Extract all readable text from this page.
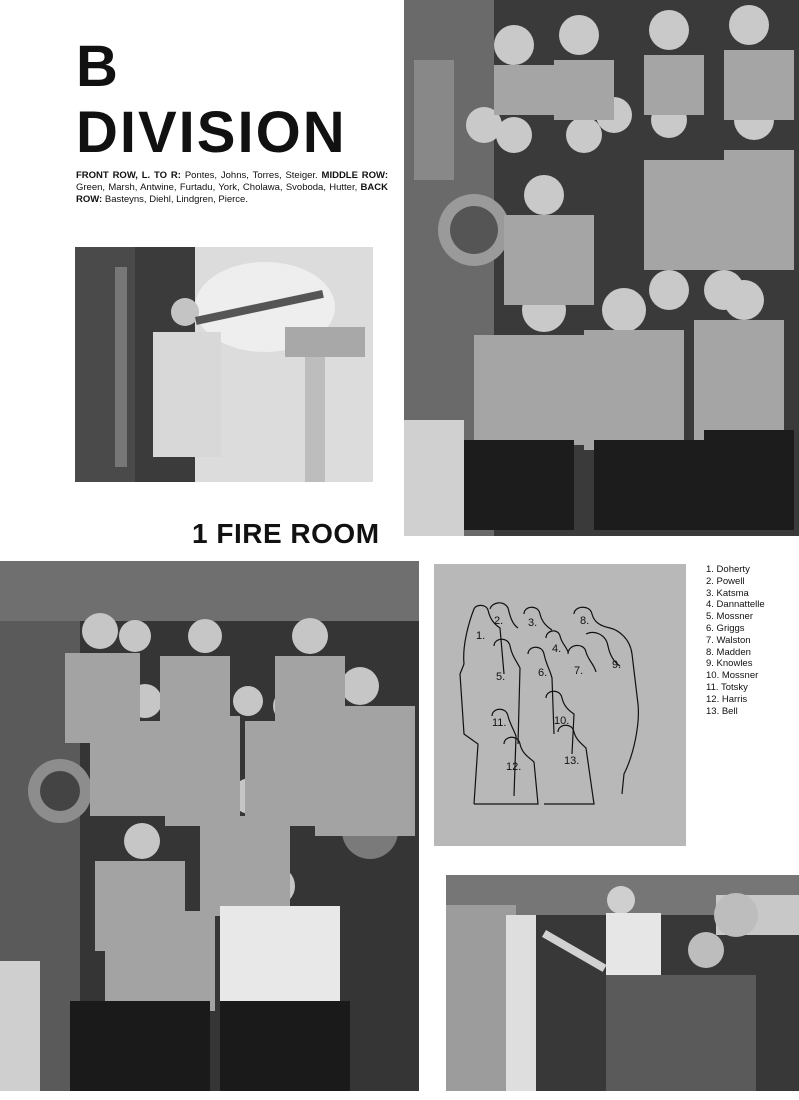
B
DIVISION

FRONT ROW, L. TO R: Pontes, Johns, Torres, Steiger. MIDDLE ROW: Green, Marsh, Antwine, Furtadu, York, Cholawa, Svoboda, Hutter, BACK ROW: Basteyns, Diehl, Lindgren, Pierce.

1 FIRE ROOM
1.
2. 3.
4.
5.	6. 7.
8.
9.
10.
11.
12.	13.
1. Doherty
2. Powell
3. Katsma
4. Dannattelle
5. Mossner
6. Griggs
7. Walston
8. Madden
9. Knowles
10. Mossner
11. Totsky
12. Harris
13. Bell
